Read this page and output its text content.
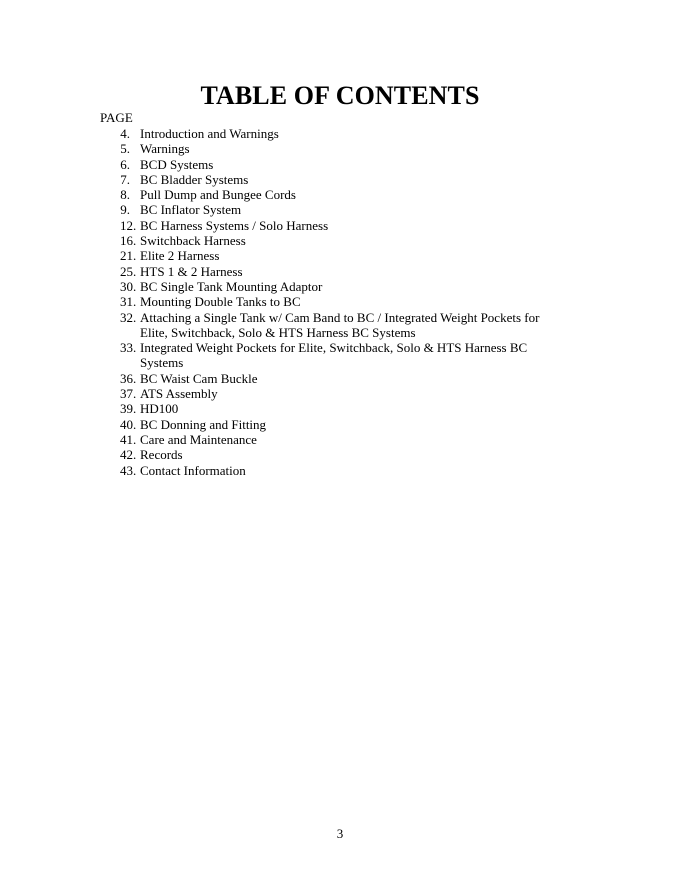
TABLE OF CONTENTS
PAGE
4. Introduction and Warnings
5. Warnings
6. BCD Systems
7. BC Bladder Systems
8. Pull Dump and Bungee Cords
9. BC Inflator System
12. BC Harness Systems / Solo Harness
16. Switchback Harness
21. Elite 2 Harness
25. HTS 1 & 2 Harness
30. BC Single Tank Mounting Adaptor
31. Mounting Double Tanks to BC
32. Attaching a Single Tank w/ Cam Band to BC / Integrated Weight Pockets for Elite, Switchback, Solo & HTS Harness BC Systems
33. Integrated Weight Pockets for Elite, Switchback, Solo & HTS Harness BC Systems
36. BC Waist Cam Buckle
37. ATS Assembly
39. HD100
40. BC Donning and Fitting
41. Care and Maintenance
42. Records
43. Contact Information
3
